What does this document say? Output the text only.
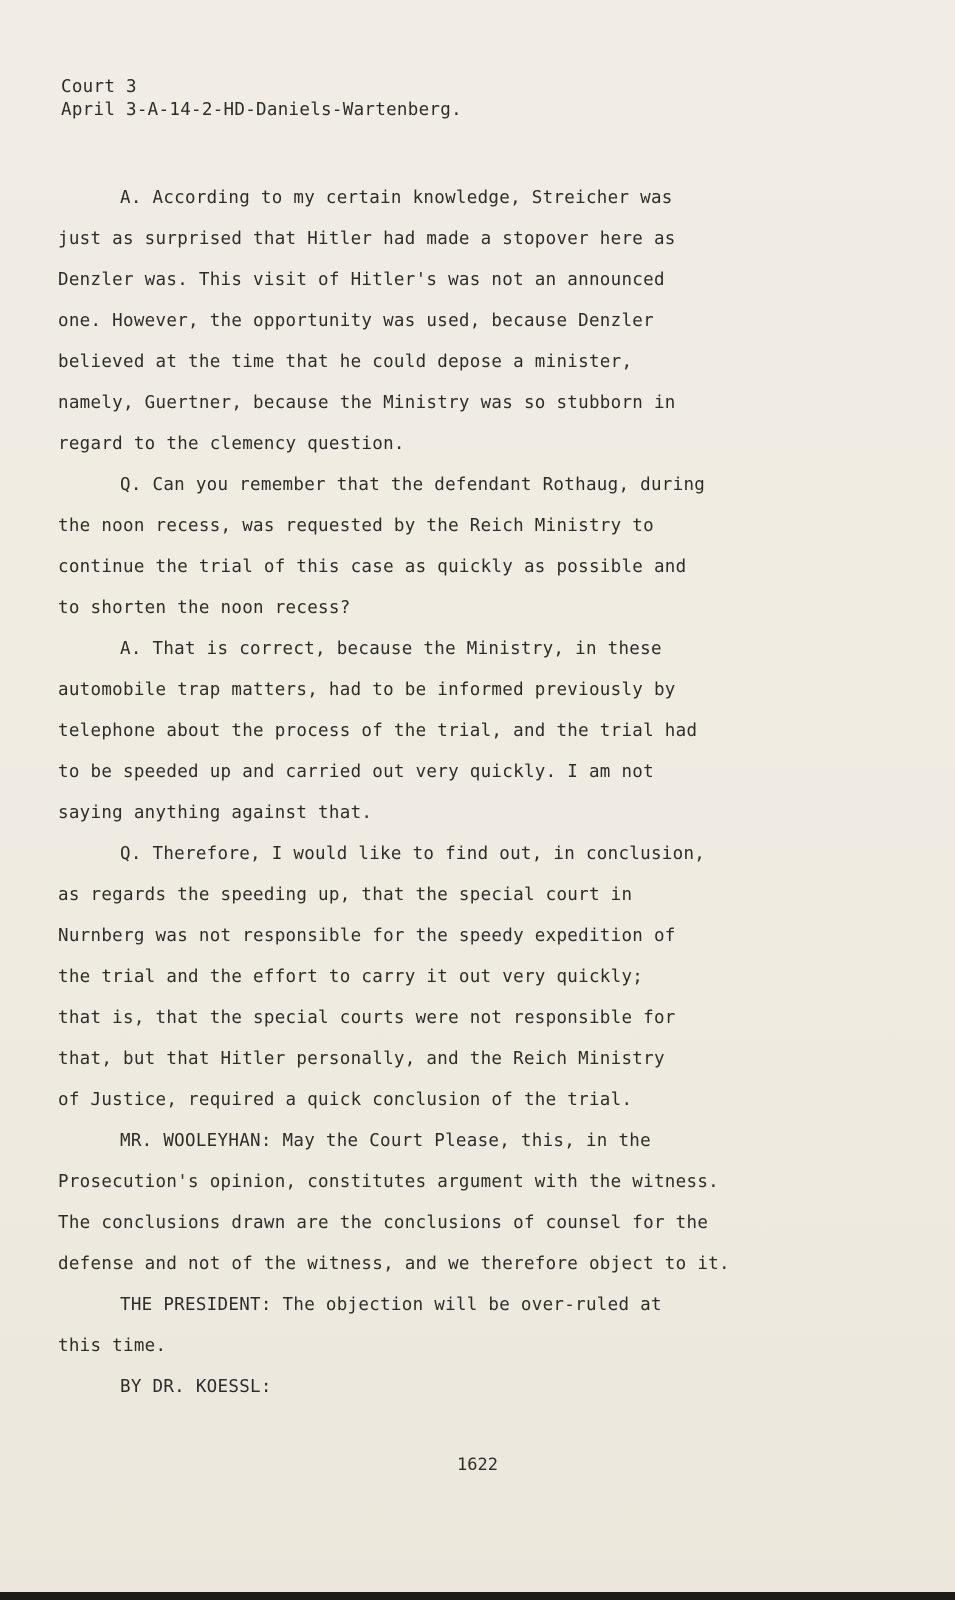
Court 3
April 3-A-14-2-HD-Daniels-Wartenberg.
A. According to my certain knowledge, Streicher was
just as surprised that Hitler had made a stopover here as
Denzler was. This visit of Hitler's was not an announced
one. However, the opportunity was used, because Denzler
believed at the time that he could depose a minister,
namely, Guertner, because the Ministry was so stubborn in
regard to the clemency question.
Q. Can you remember that the defendant Rothaug, during
the noon recess, was requested by the Reich Ministry to
continue the trial of this case as quickly as possible and
to shorten the noon recess?
A. That is correct, because the Ministry, in these
automobile trap matters, had to be informed previously by
telephone about the process of the trial, and the trial had
to be speeded up and carried out very quickly. I am not
saying anything against that.
Q. Therefore, I would like to find out, in conclusion,
as regards the speeding up, that the special court in
Nurnberg was not responsible for the speedy expedition of
the trial and the effort to carry it out very quickly;
that is, that the special courts were not responsible for
that, but that Hitler personally, and the Reich Ministry
of Justice, required a quick conclusion of the trial.
MR. WOOLEYHAN: May the Court Please, this, in the
Prosecution's opinion, constitutes argument with the witness.
The conclusions drawn are the conclusions of counsel for the
defense and not of the witness, and we therefore object to it.
THE PRESIDENT: The objection will be over-ruled at
this time.
BY DR. KOESSL:
1622
